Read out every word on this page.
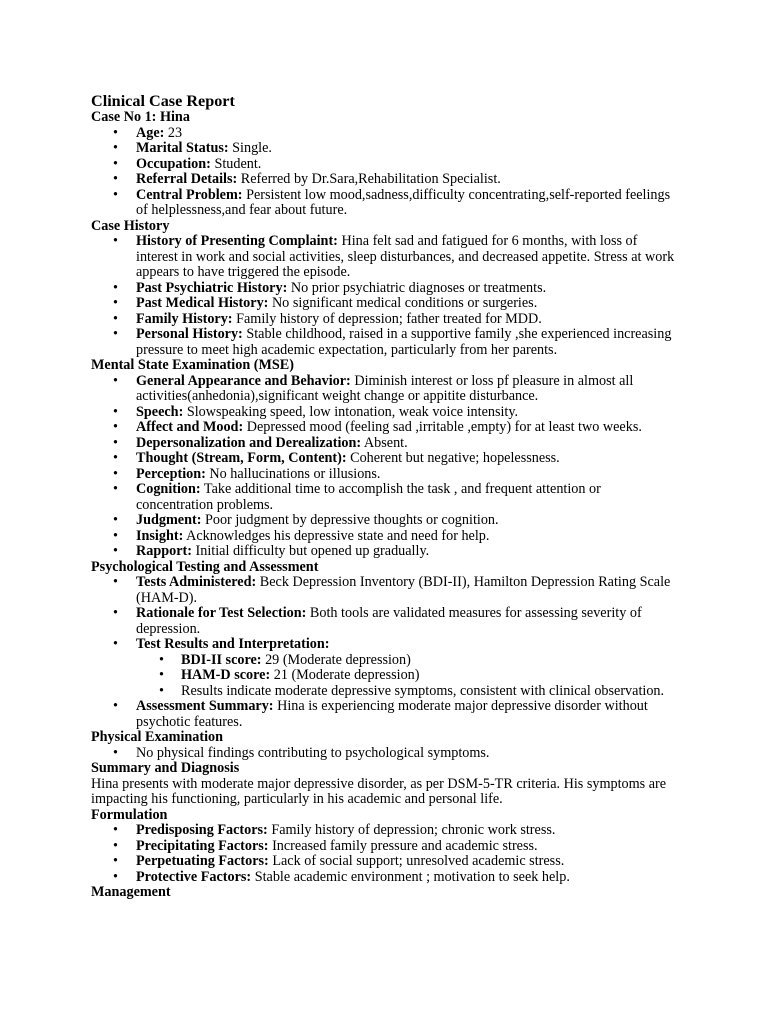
Clinical Case Report
Case No 1: Hina
• Age: 23
• Marital Status: Single.
• Occupation: Student.
• Referral Details: Referred by Dr.Sara,Rehabilitation Specialist.
• Central Problem: Persistent low mood,sadness,difficulty concentrating,self-reported feelings of helplessness,and fear about future.
Case History
• History of Presenting Complaint: Hina felt sad and fatigued for 6 months, with loss of interest in work and social activities, sleep disturbances, and decreased appetite. Stress at work appears to have triggered the episode.
• Past Psychiatric History: No prior psychiatric diagnoses or treatments.
• Past Medical History: No significant medical conditions or surgeries.
• Family History: Family history of depression; father treated for MDD.
• Personal History: Stable childhood, raised in a supportive family ,she experienced increasing pressure to meet high academic expectation, particularly from her parents.
Mental State Examination (MSE)
• General Appearance and Behavior: Diminish interest or loss pf pleasure in almost all activities(anhedonia),significant weight change or appitite disturbance.
• Speech: Slowspeaking speed, low intonation, weak voice intensity.
• Affect and Mood: Depressed mood (feeling sad ,irritable ,empty) for at least two weeks.
• Depersonalization and Derealization: Absent.
• Thought (Stream, Form, Content): Coherent but negative; hopelessness.
• Perception: No hallucinations or illusions.
• Cognition: Take additional time to accomplish the task , and frequent attention or concentration problems.
• Judgment: Poor judgment by depressive thoughts or cognition.
• Insight: Acknowledges his depressive state and need for help.
• Rapport: Initial difficulty but opened up gradually.
Psychological Testing and Assessment
• Tests Administered: Beck Depression Inventory (BDI-II), Hamilton Depression Rating Scale (HAM-D).
• Rationale for Test Selection: Both tools are validated measures for assessing severity of depression.
• Test Results and Interpretation:
• BDI-II score: 29 (Moderate depression)
• HAM-D score: 21 (Moderate depression)
• Results indicate moderate depressive symptoms, consistent with clinical observation.
• Assessment Summary: Hina is experiencing moderate major depressive disorder without psychotic features.
Physical Examination
• No physical findings contributing to psychological symptoms.
Summary and Diagnosis

Hina presents with moderate major depressive disorder, as per DSM-5-TR criteria. His symptoms are impacting his functioning, particularly in his academic and personal life.

Formulation
• Predisposing Factors: Family history of depression; chronic work stress.
• Precipitating Factors: Increased family pressure and academic stress.
• Perpetuating Factors: Lack of social support; unresolved academic stress.
• Protective Factors: Stable academic environment ; motivation to seek help.
Management
